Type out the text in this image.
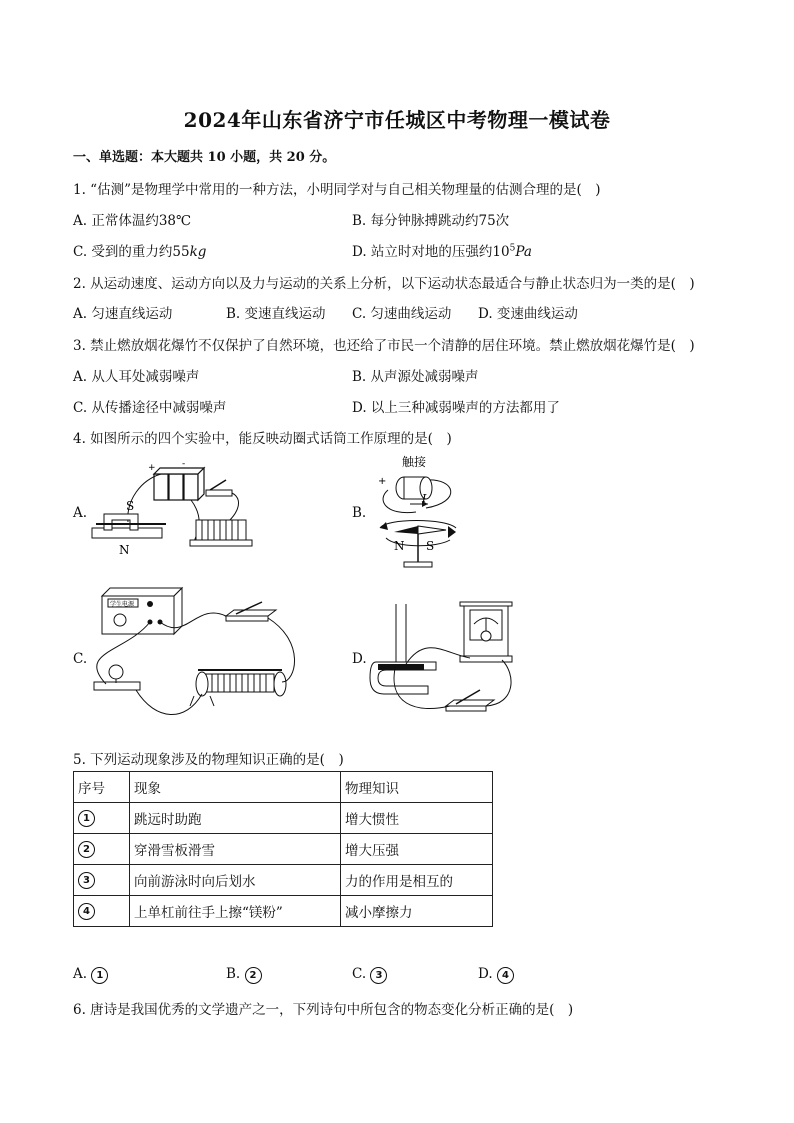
2024年山东省济宁市任城区中考物理一模试卷
一、单选题：本大题共 10 小题，共 20 分。
1. “估测”是物理学中常用的一种方法，小明同学对与自己相关物理量的估测合理的是(　)
A. 正常体温约38℃	B. 每分钟脉搏跳动约75次
C. 受到的重力约55kg	D. 站立时对地的压强约$10^5Pa$
2. 从运动速度、运动方向以及力与运动的关系上分析，以下运动状态最适合与静止状态归为一类的是(　)
A. 匀速直线运动	B. 变速直线运动 C. 匀速曲线运动 D. 变速曲线运动
3. 禁止燃放烟花爆竹不仅保护了自然环境，也还给了市民一个清静的居住环境。禁止燃放烟花爆竹是(　)
A. 从人耳处减弱噪声	B. 从声源处减弱噪声
C. 从传播途径中减弱噪声	D. 以上三种减弱噪声的方法都用了
4. 如图所示的四个实验中，能反映动圈式话筒工作原理的是(　)
A.
+	-
S
N
B.
触接
+
I
N S
C.
学生电源
D.
5. 下列运动现象涉及的物理知识正确的是(　)
序号	现象	物理知识
1	跳远时助跑	增大惯性
2	穿滑雪板滑雪	增大压强
3	向前游泳时向后划水	力的作用是相互的
4	上单杠前往手上擦“镁粉”	减小摩擦力
A. 1	B. 2	C. 3	D. 4
6. 唐诗是我国优秀的文学遗产之一，下列诗句中所包含的物态变化分析正确的是(　)
